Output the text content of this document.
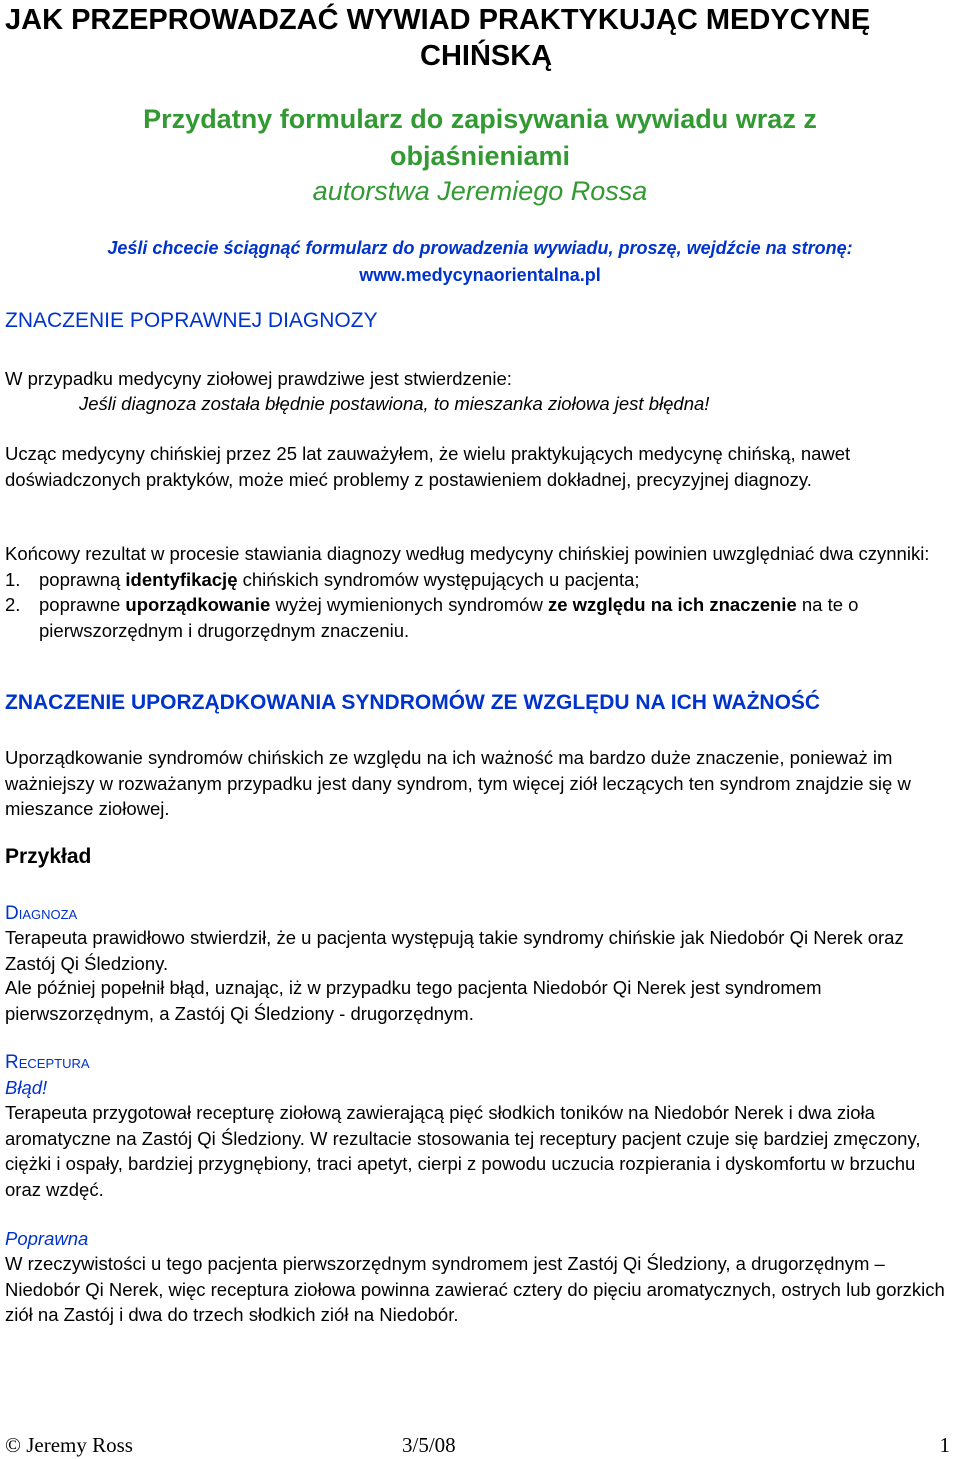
JAK PRZEPROWADZAĆ WYWIAD PRAKTYKUJĄC MEDYCYNĘ
CHIŃSKĄ
Przydatny formularz do zapisywania wywiadu wraz z
objaśnieniami
autorstwa Jeremiego Rossa
Jeśli chcecie ściągnąć formularz do prowadzenia wywiadu, proszę, wejdźcie na stronę:
www.medycynaorientalna.pl
ZNACZENIE POPRAWNEJ DIAGNOZY

W przypadku medycyny ziołowej prawdziwe jest stwierdzenie:

Jeśli diagnoza została błędnie postawiona, to mieszanka ziołowa jest błędna!

Ucząc medycyny chińskiej przez 25 lat zauważyłem, że wielu praktykujących medycynę chińską, nawet doświadczonych praktyków, może mieć problemy z postawieniem dokładnej, precyzyjnej diagnozy.

Końcowy rezultat w procesie stawiania diagnozy według medycyny chińskiej powinien uwzględniać dwa czynniki:
1. poprawną identyfikację chińskich syndromów występujących u pacjenta;

2.	poprawne uporządkowanie wyżej wymienionych syndromów ze względu na ich znaczenie na te o pierwszorzędnym i drugorzędnym znaczeniu.

ZNACZENIE UPORZĄDKOWANIA SYNDROMÓW ZE WZGLĘDU NA ICH WAŻNOŚĆ

Uporządkowanie syndromów chińskich ze względu na ich ważność ma bardzo duże znaczenie, ponieważ im ważniejszy w rozważanym przypadku jest dany syndrom, tym więcej ziół leczących ten syndrom znajdzie się w mieszance ziołowej.

Przykład
Diagnoza

Terapeuta prawidłowo stwierdził, że u pacjenta występują takie syndromy chińskie jak Niedobór Qi Nerek oraz Zastój Qi Śledziony.

Ale później popełnił błąd, uznając, iż w przypadku tego pacjenta Niedobór Qi Nerek jest syndromem pierwszorzędnym, a Zastój Qi Śledziony - drugorzędnym.

Receptura
Błąd!

Terapeuta przygotował recepturę ziołową zawierającą pięć słodkich toników na Niedobór Nerek i dwa zioła aromatyczne na Zastój Qi Śledziony. W rezultacie stosowania tej receptury pacjent czuje się bardziej zmęczony, ciężki i ospały, bardziej przygnębiony, traci apetyt, cierpi z powodu uczucia rozpierania i dyskomfortu w brzuchu oraz wzdęć.

Poprawna

W rzeczywistości u tego pacjenta pierwszorzędnym syndromem jest Zastój Qi Śledziony, a drugorzędnym – Niedobór Qi Nerek, więc receptura ziołowa powinna zawierać cztery do pięciu aromatycznych, ostrych lub gorzkich ziół na Zastój i dwa do trzech słodkich ziół na Niedobór.

© Jeremy Ross	3/5/08	1
